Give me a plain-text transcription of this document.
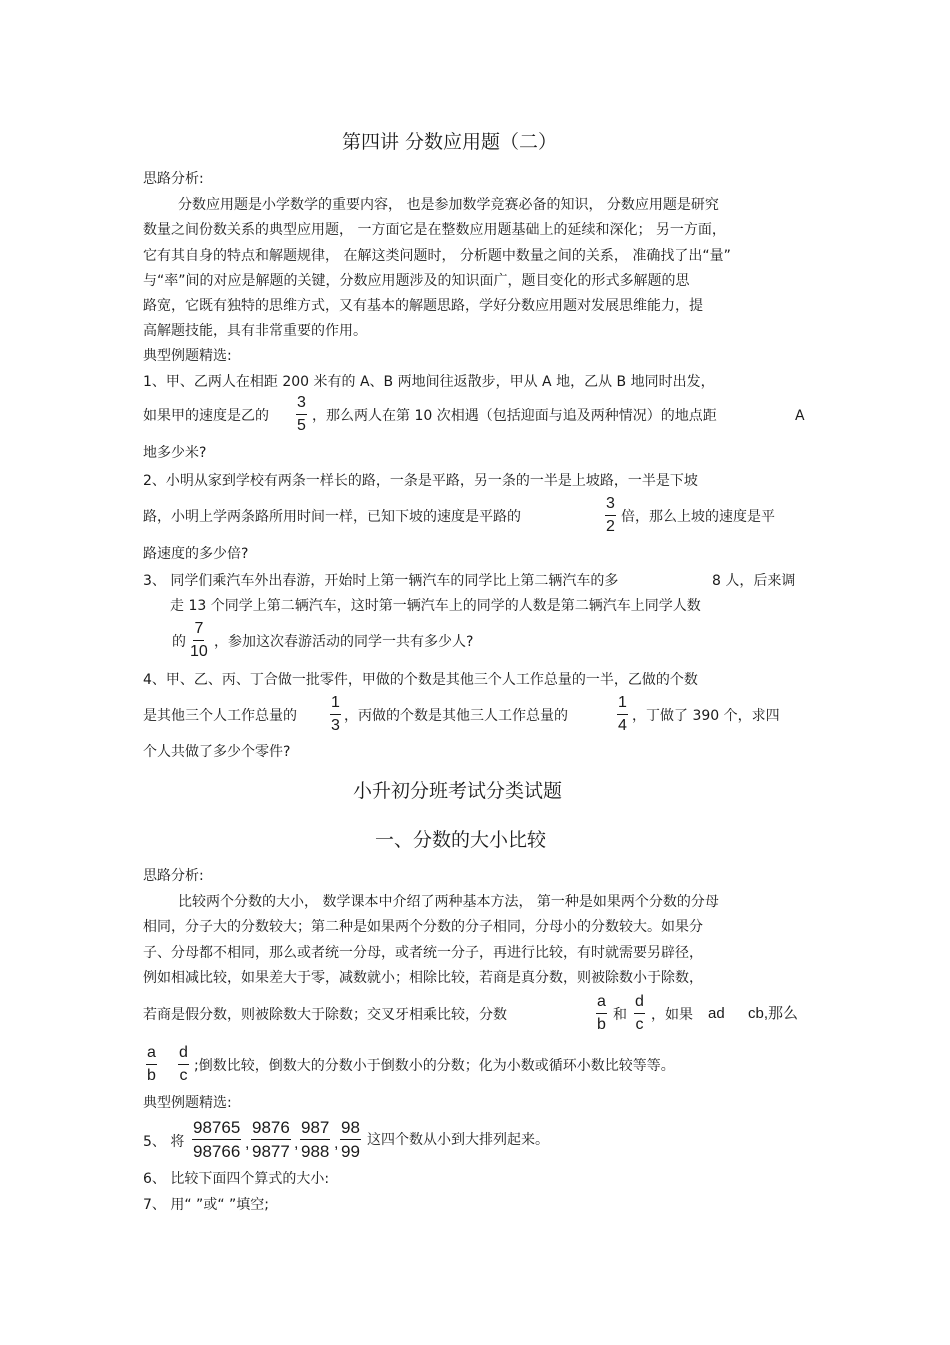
第四讲 分数应用题（二）
思路分析:
分数应用题是小学数学的重要内容， 也是参加数学竞赛必备的知识， 分数应用题是研究
数量之间份数关系的典型应用题， 一方面它是在整数应用题基础上的延续和深化； 另一方面，
它有其自身的特点和解题规律， 在解这类问题时， 分析题中数量之间的关系， 准确找了出“量”
与“率”间的对应是解题的关键，分数应用题涉及的知识面广，题目变化的形式多解题的思
路宽，它既有独特的思维方式，又有基本的解题思路，学好分数应用题对发展思维能力，提
高解题技能，具有非常重要的作用。
典型例题精选:
1、甲、乙两人在相距 200 米有的 A、B 两地间往返散步，甲从 A 地，乙从 B 地同时出发，
如果甲的速度是乙的 $\frac{3}{5}$ ，那么两人在第 10 次相遇（包括迎面与追及两种情况）的地点距	A
地多少米?
2、小明从家到学校有两条一样长的路，一条是平路，另一条的一半是上坡路，一半是下坡
路，小明上学两条路所用时间一样，已知下坡的速度是平路的	$\frac{3}{2}$ 倍，那么上坡的速度是平
路速度的多少倍?
3、 同学们乘汽车外出春游，开始时上第一辆汽车的同学比上第二辆汽车的多	8 人，后来调
走 13 个同学上第二辆汽车，这时第一辆汽车上的同学的人数是第二辆汽车上同学人数
的 $\frac{7}{10}$ ，参加这次春游活动的同学一共有多少人?
4、甲、乙、丙、丁合做一批零件，甲做的个数是其他三个人工作总量的一半，乙做的个数
是其他三个人工作总量的 $\frac{1}{3}$ ，丙做的个数是其他三人工作总量的	$\frac{1}{4}$ ，丁做了 390 个，求四
个人共做了多少个零件?
小升初分班考试分类试题
一、分数的大小比较
思路分析:
比较两个分数的大小， 数学课本中介绍了两种基本方法， 第一种是如果两个分数的分母
相同，分子大的分数较大；第二种是如果两个分数的分子相同，分母小的分数较大。如果分
子、分母都不相同，那么或者统一分母，或者统一分子，再进行比较，有时就需要另辟径，
例如相减比较，如果差大于零，减数就小；相除比较，若商是真分数，则被除数小于除数，
若商是假分数，则被除数大于除数；交叉牙相乘比较，分数	$\frac{a}{b}$ 和 $\frac{d}{c}$ ，如果 ad cb,那么
$\frac{a}{b} \frac{d}{c}$ ;倒数比较，倒数大的分数小于倒数小的分数；化为小数或循环小数比较等等。
典型例题精选:
5、 将 $\frac{98765}{98766}$ , $\frac{9876}{9877}$ , $\frac{987}{988}$ , $\frac{98}{99}$ 这四个数从小到大排列起来。
6、 比较下面四个算式的大小:
7、 用“ ”或“ ”填空;
